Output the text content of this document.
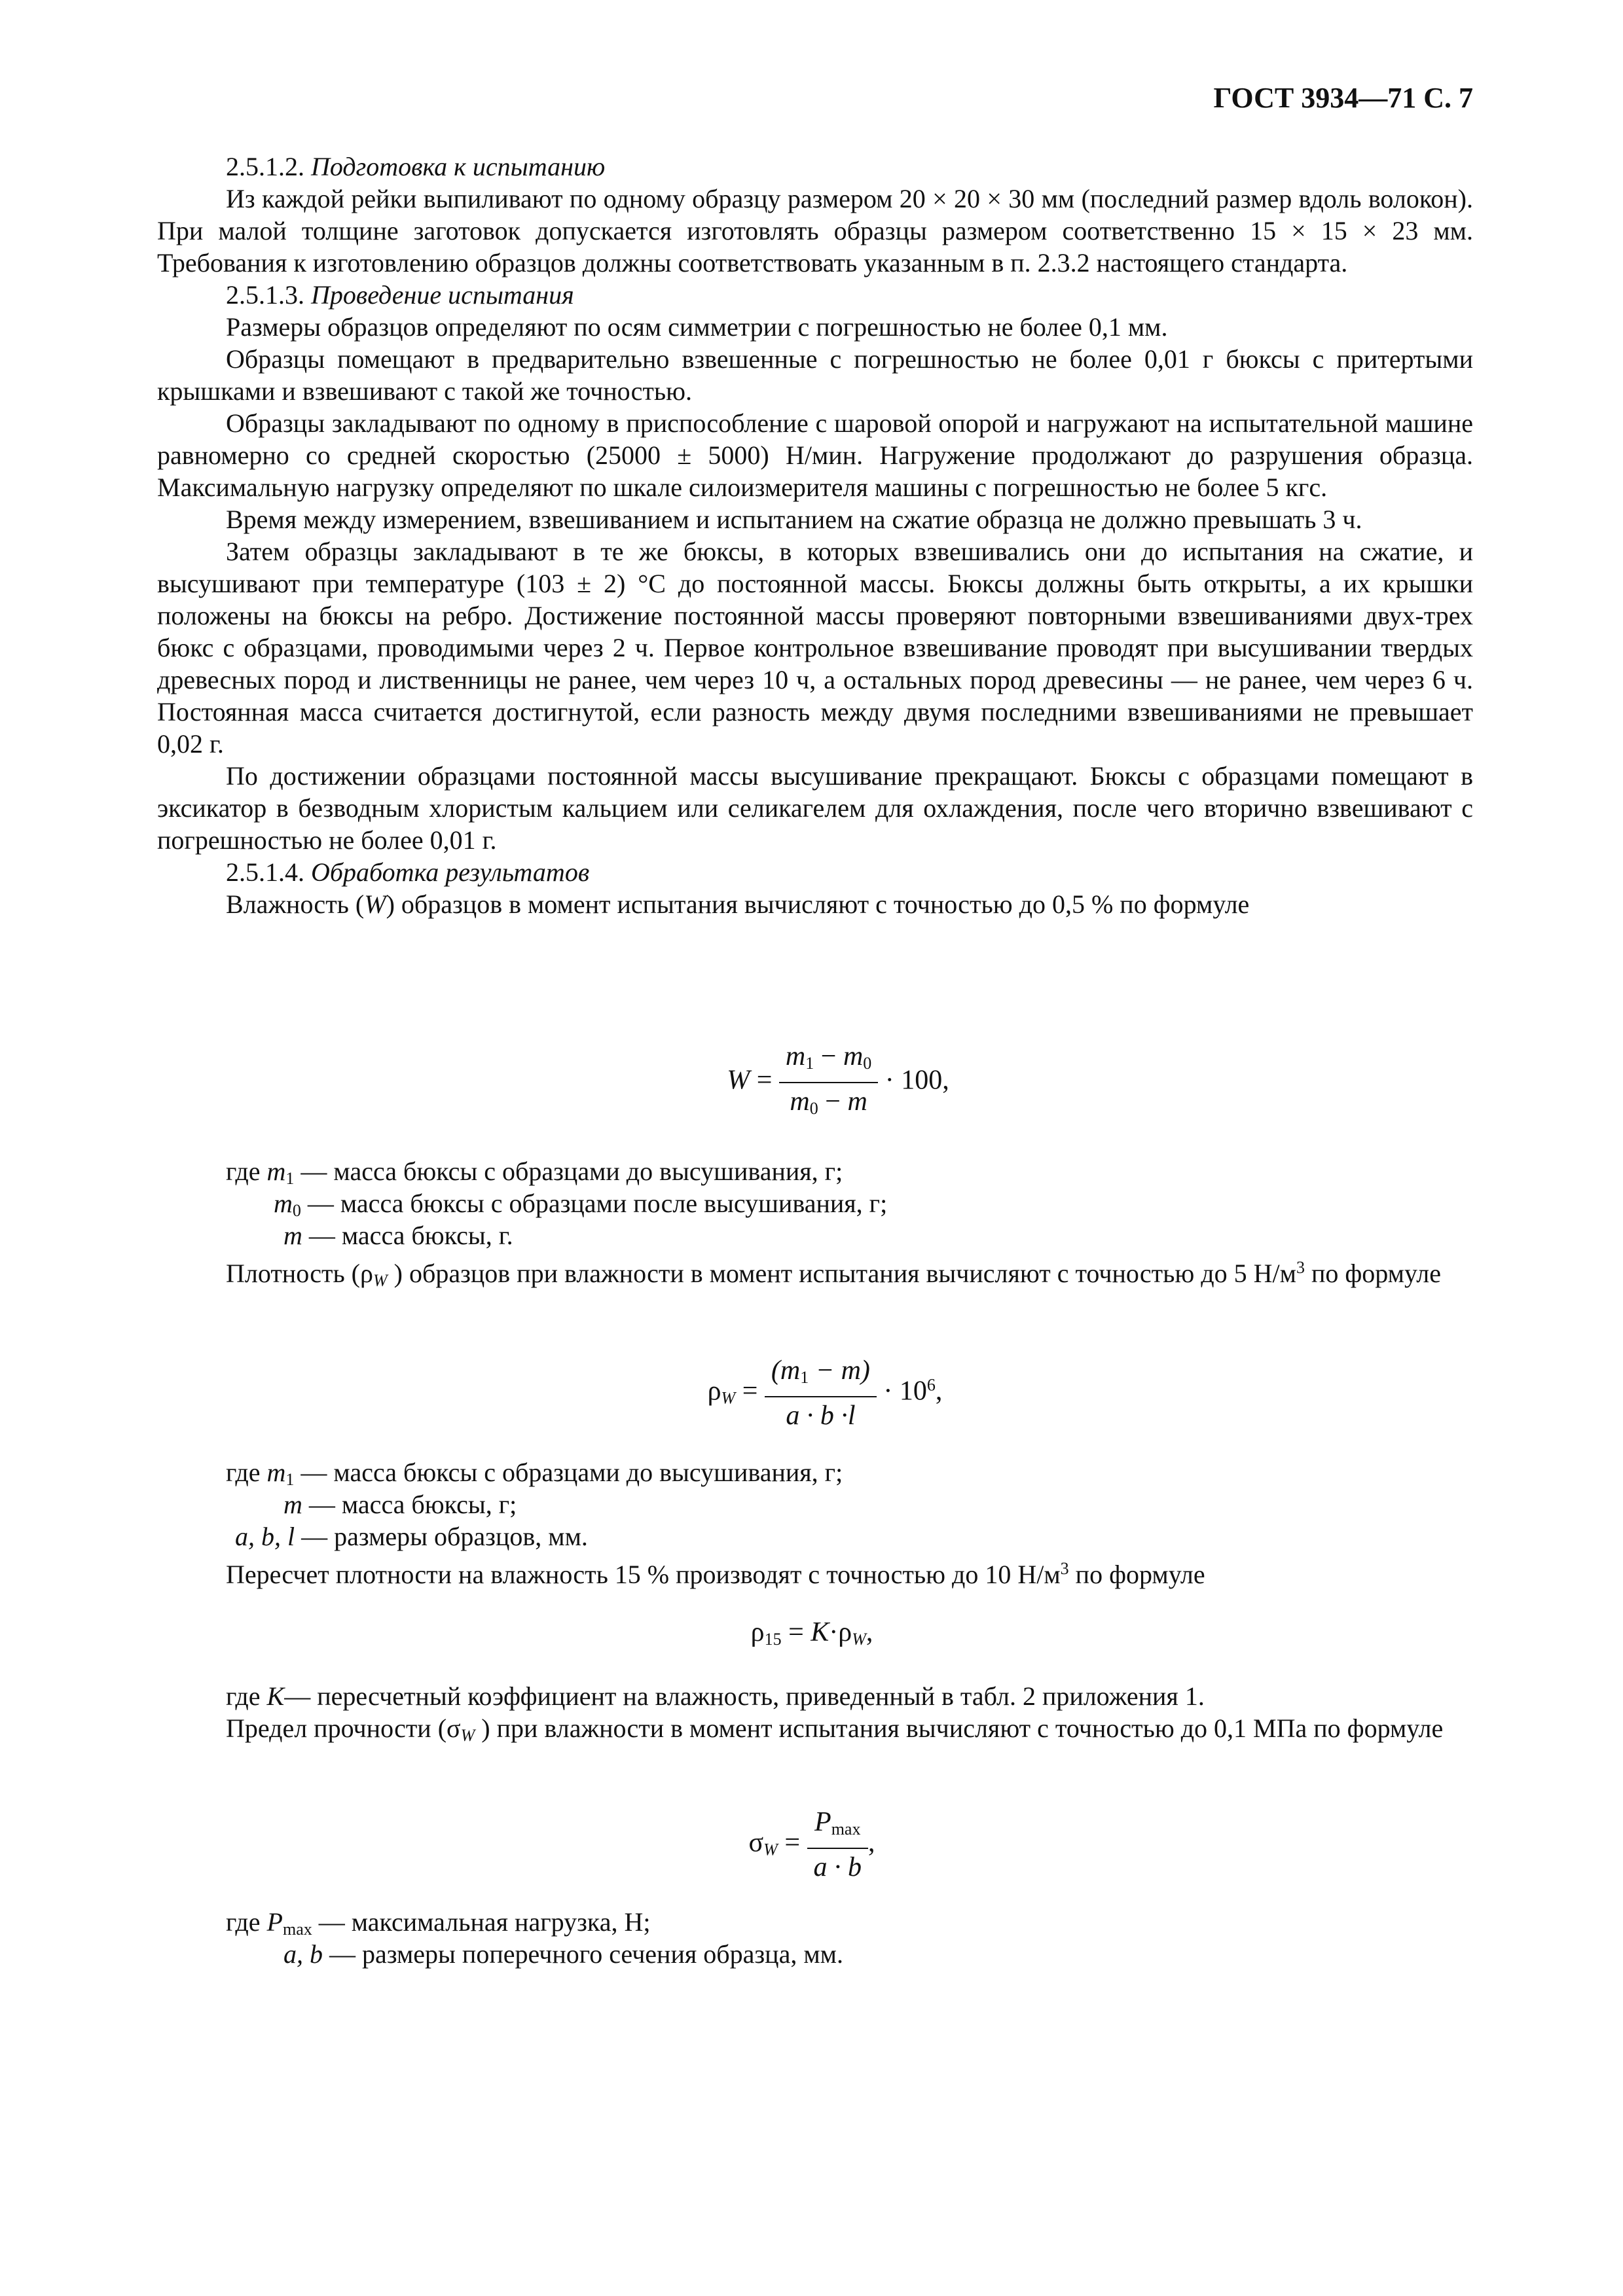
ГОСТ 3934—71 С. 7

2.5.1.2. Подготовка к испытанию

Из каждой рейки выпиливают по одному образцу размером 20 × 20 × 30 мм (последний размер вдоль волокон). При малой толщине заготовок допускается изготовлять образцы размером соответственно 15 × 15 × 23 мм. Требования к изготовлению образцов должны соответствовать указанным в п. 2.3.2 настоящего стандарта.

2.5.1.3. Проведение испытания

Размеры образцов определяют по осям симметрии с погрешностью не более 0,1 мм.

Образцы помещают в предварительно взвешенные с погрешностью не более 0,01 г бюксы с притертыми крышками и взвешивают с такой же точностью.

Образцы закладывают по одному в приспособление с шаровой опорой и нагружают на испытательной машине равномерно со средней скоростью (25000 ± 5000) Н/мин. Нагружение продолжают до разрушения образца. Максимальную нагрузку определяют по шкале силоизмерителя машины с погрешностью не более 5 кгс.

Время между измерением, взвешиванием и испытанием на сжатие образца не должно превышать 3 ч.

Затем образцы закладывают в те же бюксы, в которых взвешивались они до испытания на сжатие, и высушивают при температуре (103 ± 2) °С до постоянной массы. Бюксы должны быть открыты, а их крышки положены на бюксы на ребро. Достижение постоянной массы проверяют повторными взвешиваниями двух-трех бюкс с образцами, проводимыми через 2 ч. Первое контрольное взвешивание проводят при высушивании твердых древесных пород и лиственницы не ранее, чем через 10 ч, а остальных пород древесины — не ранее, чем через 6 ч. Постоянная масса считается достигнутой, если разность между двумя последними взвешиваниями не превышает 0,02 г.

По достижении образцами постоянной массы высушивание прекращают. Бюксы с образцами помещают в эксикатор в безводным хлористым кальцием или селикагелем для охлаждения, после чего вторично взвешивают с погрешностью не более 0,01 г.

2.5.1.4. Обработка результатов

Влажность (W) образцов в момент испытания вычисляют с точностью до 0,5 % по формуле

$W = \frac{m_1 - m_0}{m_0 - m} \cdot 100$,
где $m_1$ — масса бюксы с образцами до высушивания, г;
$m_0$ — масса бюксы с образцами после высушивания, г;
m — масса бюксы, г.

Плотность ($\rho_W$ ) образцов при влажности в момент испытания вычисляют с точностью до 5 $Н/м^3$ по формуле

$\rho_W = \frac{(m_1 - m)}{a \cdot b \cdot l} \cdot 10^6$,
где $m_1$ — масса бюксы с образцами до высушивания, г;
m — масса бюксы, г;
a, b, l — размеры образцов, мм.

Пересчет плотности на влажность 15 % производят с точностью до 10 $Н/м^3$ по формуле

$\rho_{15} = K\cdot\rho_W$,

где K— пересчетный коэффициент на влажность, приведенный в табл. 2 приложения 1.

Предел прочности ($\sigma_W$ ) при влажности в момент испытания вычисляют с точностью до 0,1 МПа по формуле

$\sigma_W = \frac{P_{max}}{a \cdot b}$ ,
где $P_{max}$ — максимальная нагрузка, Н;
a, b — размеры поперечного сечения образца, мм.
